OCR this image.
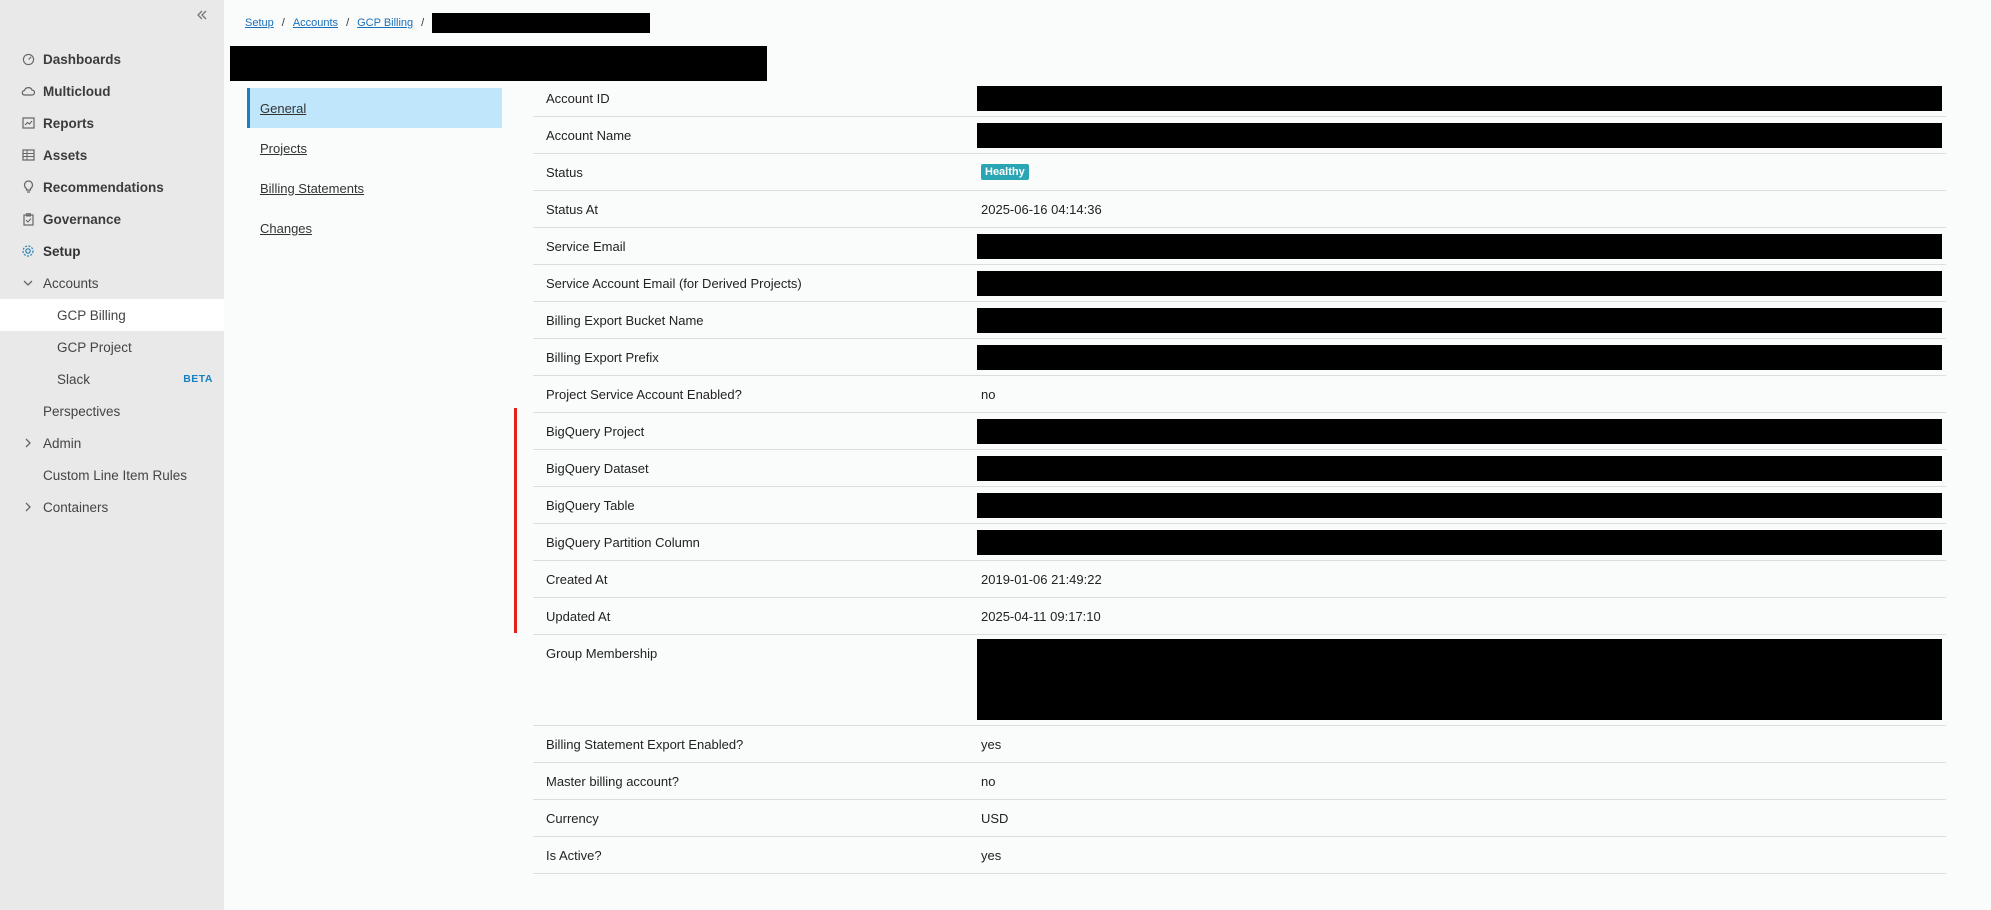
Dashboards
Multicloud
Reports
Assets
Recommendations
Governance
Setup
Accounts
GCP Billing
GCP Project
Slack	BETA
Perspectives
Admin
Custom Line Item Rules
Containers
Setup / Accounts / GCP Billing /
General
Projects
Billing Statements
Changes
Account ID
Account Name
Status	Healthy
Status At	2025-06-16 04:14:36
Service Email
Service Account Email (for Derived Projects)
Billing Export Bucket Name
Billing Export Prefix
Project Service Account Enabled?	no
BigQuery Project
BigQuery Dataset
BigQuery Table
BigQuery Partition Column
Created At	2019-01-06 21:49:22
Updated At	2025-04-11 09:17:10
Group Membership
Billing Statement Export Enabled?	yes
Master billing account?	no
Currency	USD
Is Active?	yes
